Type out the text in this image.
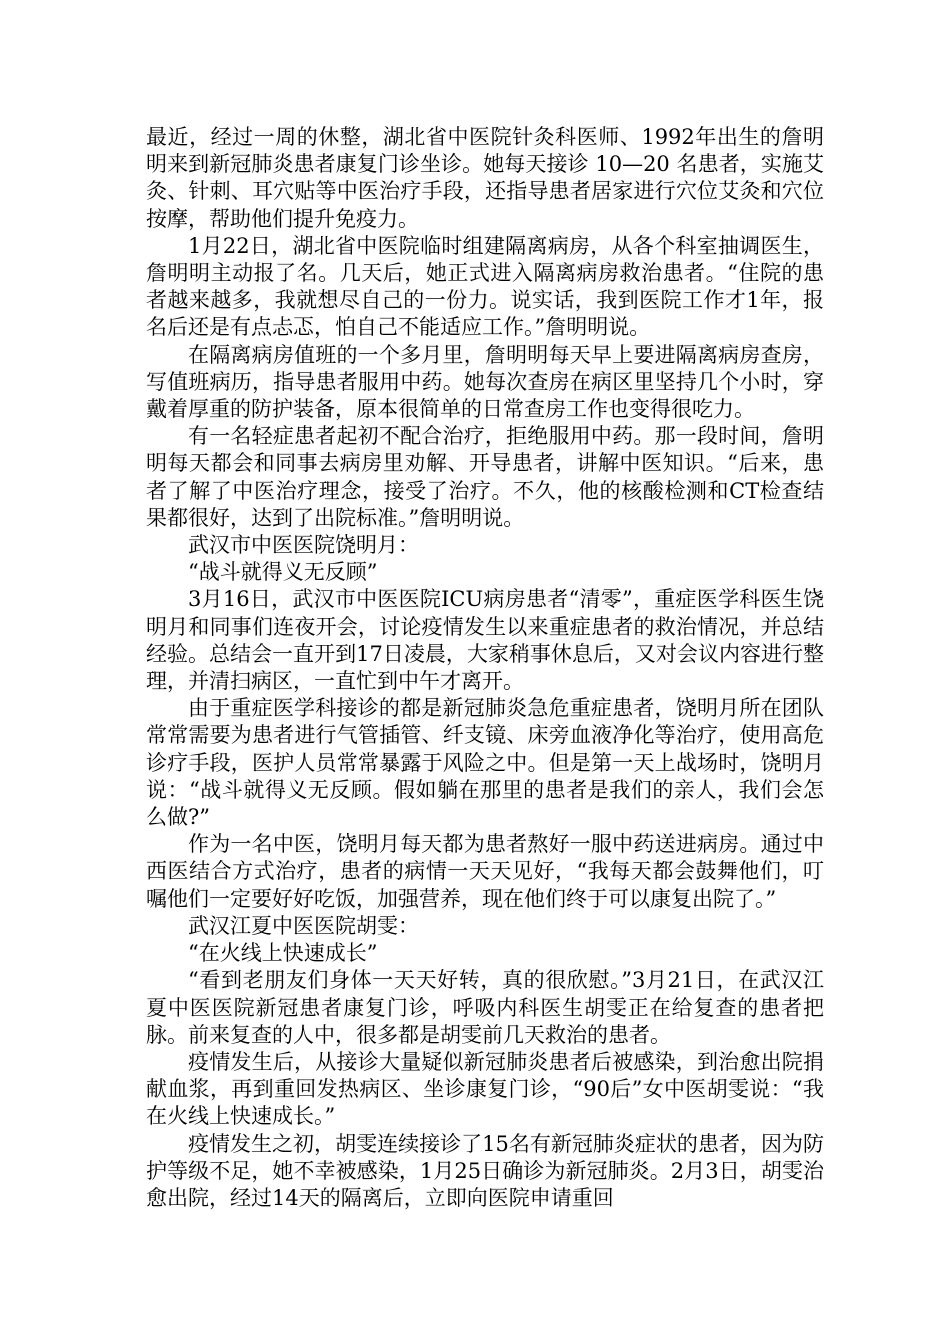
最近，经过一周的休整，湖北省中医院针灸科医师、1992年出生的詹明明来到新冠肺炎患者康复门诊坐诊。她每天接诊 10—20 名患者，实施艾灸、针刺、耳穴贴等中医治疗手段，还指导患者居家进行穴位艾灸和穴位按摩，帮助他们提升免疫力。

1月22日，湖北省中医院临时组建隔离病房，从各个科室抽调医生，詹明明主动报了名。几天后，她正式进入隔离病房救治患者。“住院的患者越来越多，我就想尽自己的一份力。说实话，我到医院工作才1年，报名后还是有点忐忑，怕自己不能适应工作。”詹明明说。

在隔离病房值班的一个多月里，詹明明每天早上要进隔离病房查房，写值班病历，指导患者服用中药。她每次查房在病区里坚持几个小时，穿戴着厚重的防护装备，原本很简单的日常查房工作也变得很吃力。

有一名轻症患者起初不配合治疗，拒绝服用中药。那一段时间，詹明明每天都会和同事去病房里劝解、开导患者，讲解中医知识。“后来，患者了解了中医治疗理念，接受了治疗。不久，他的核酸检测和CT检查结果都很好，达到了出院标准。”詹明明说。

武汉市中医医院饶明月：

“战斗就得义无反顾”

3月16日，武汉市中医医院ICU病房患者“清零”，重症医学科医生饶明月和同事们连夜开会，讨论疫情发生以来重症患者的救治情况，并总结经验。总结会一直开到17日凌晨，大家稍事休息后，又对会议内容进行整理，并清扫病区，一直忙到中午才离开。

由于重症医学科接诊的都是新冠肺炎急危重症患者，饶明月所在团队常常需要为患者进行气管插管、纤支镜、床旁血液净化等治疗，使用高危诊疗手段，医护人员常常暴露于风险之中。但是第一天上战场时，饶明月说：“战斗就得义无反顾。假如躺在那里的患者是我们的亲人，我们会怎么做?”

作为一名中医，饶明月每天都为患者熬好一服中药送进病房。通过中西医结合方式治疗，患者的病情一天天见好，“我每天都会鼓舞他们，叮嘱他们一定要好好吃饭，加强营养，现在他们终于可以康复出院了。”

武汉江夏中医医院胡雯：

“在火线上快速成长”

“看到老朋友们身体一天天好转，真的很欣慰。”3月21日，在武汉江夏中医医院新冠患者康复门诊，呼吸内科医生胡雯正在给复查的患者把脉。前来复查的人中，很多都是胡雯前几天救治的患者。

疫情发生后，从接诊大量疑似新冠肺炎患者后被感染，到治愈出院捐献血浆，再到重回发热病区、坐诊康复门诊，“90后”女中医胡雯说：“我在火线上快速成长。”

疫情发生之初，胡雯连续接诊了15名有新冠肺炎症状的患者，因为防护等级不足，她不幸被感染，1月25日确诊为新冠肺炎。2月3日，胡雯治愈出院，经过14天的隔离后，立即向医院申请重回
